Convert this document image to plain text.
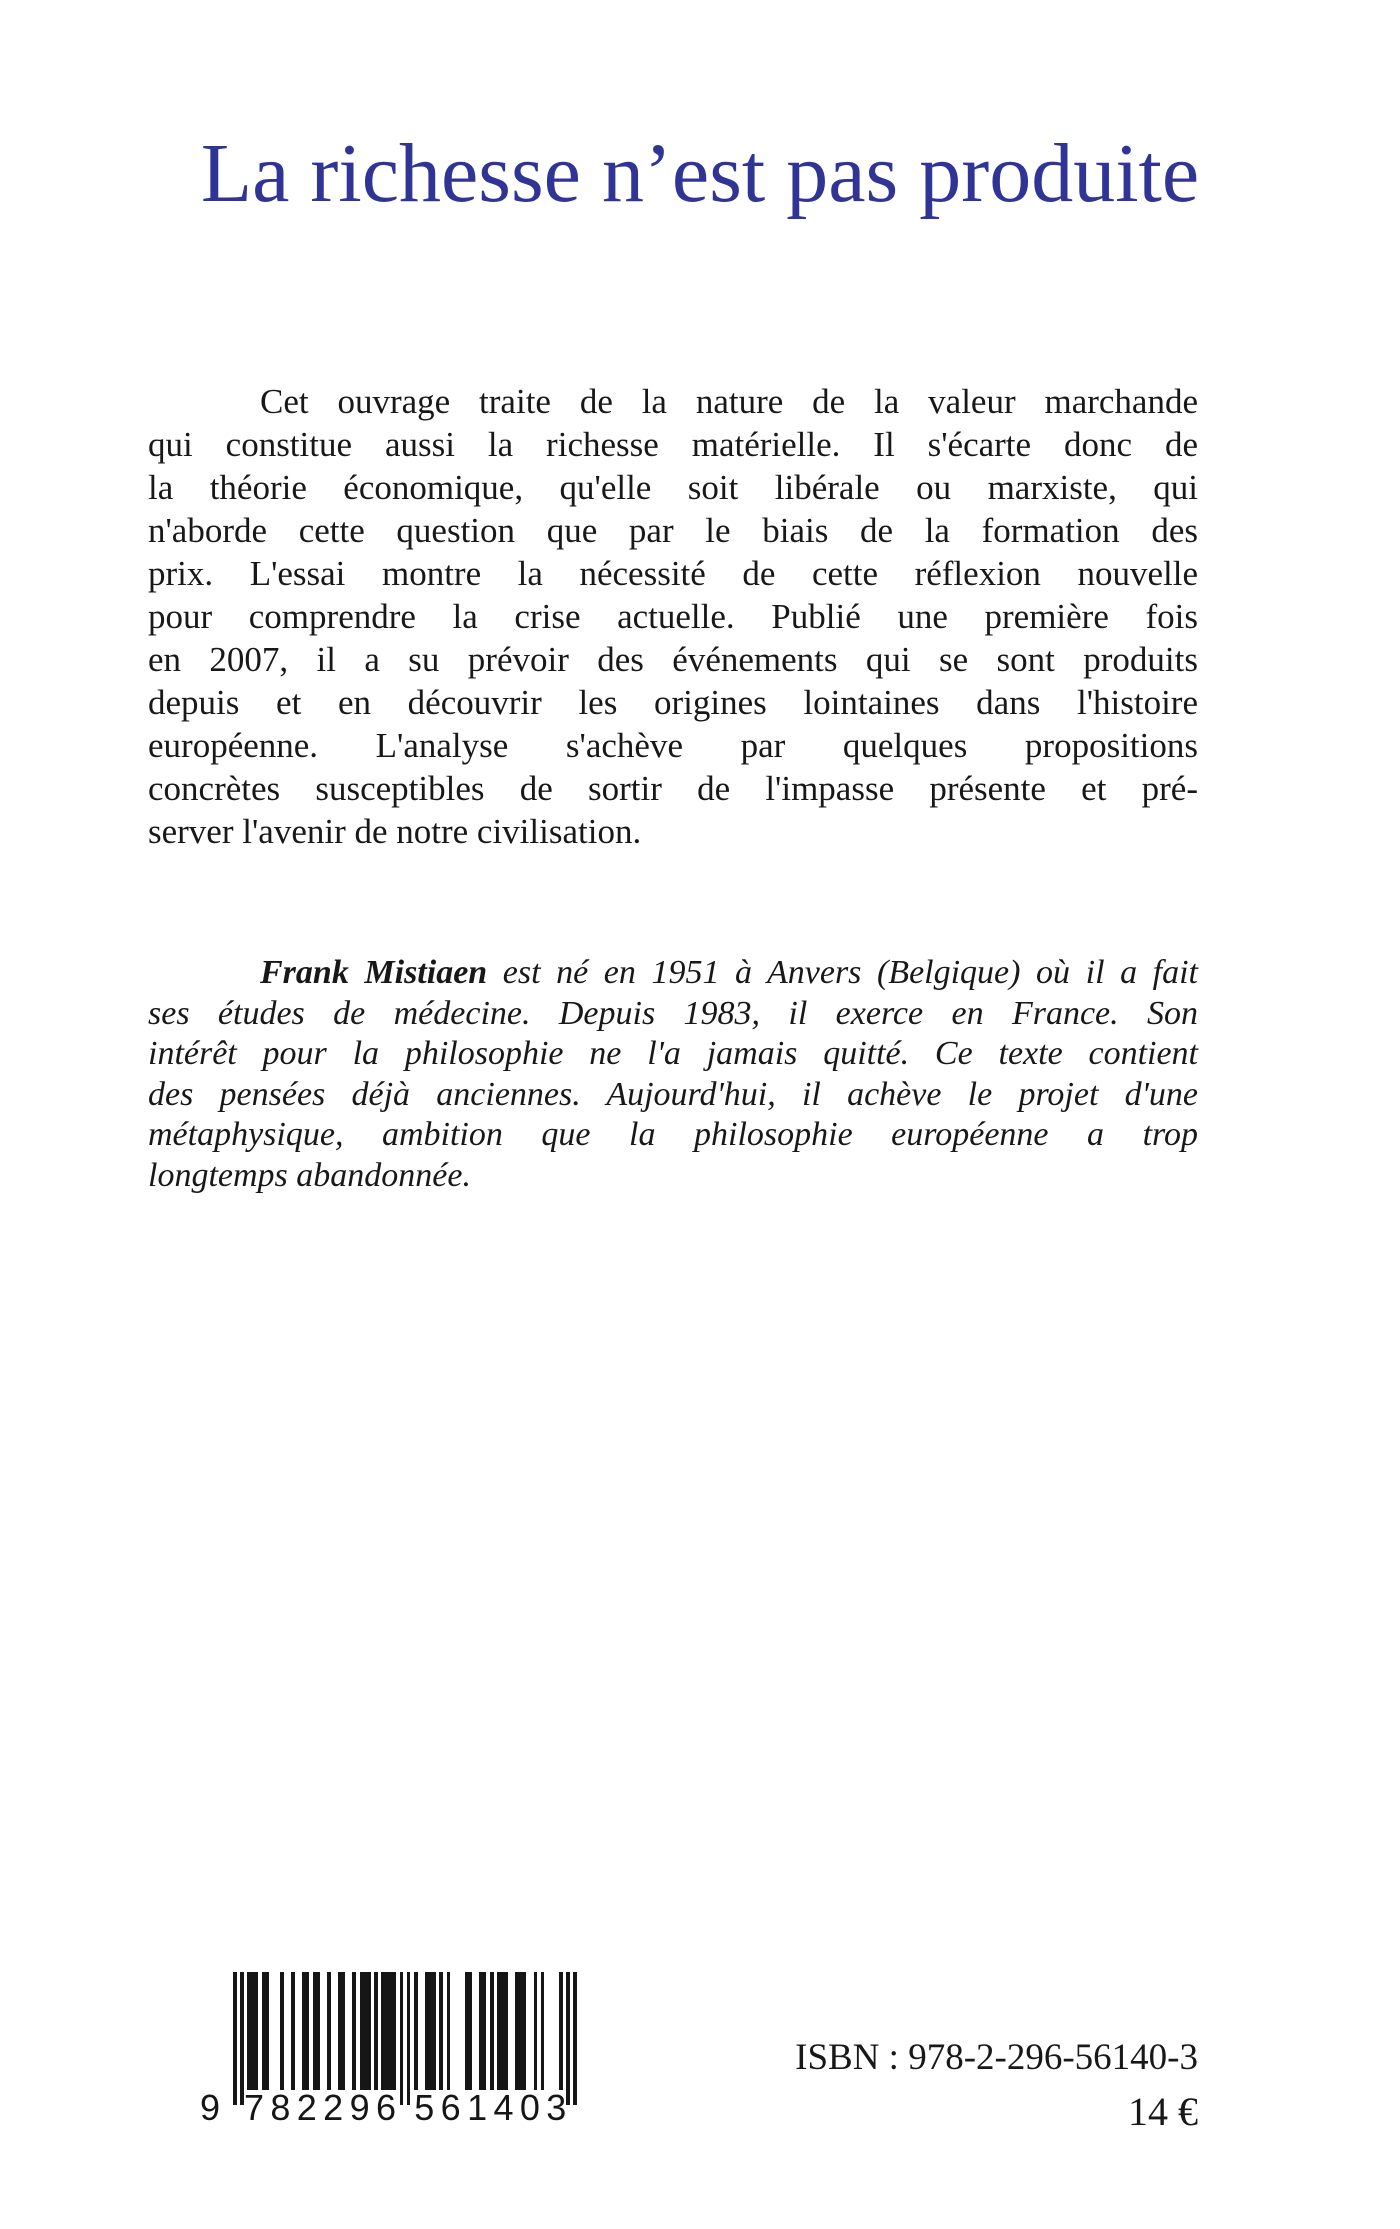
La richesse n’est pas produite
Cet ouvrage traite de la nature de la valeur marchande
qui constitue aussi la richesse matérielle. Il s'écarte donc de
la théorie économique, qu'elle soit libérale ou marxiste, qui
n'aborde cette question que par le biais de la formation des
prix. L'essai montre la nécessité de cette réflexion nouvelle
pour comprendre la crise actuelle. Publié une première fois
en 2007, il a su prévoir des événements qui se sont produits
depuis et en découvrir les origines lointaines dans l'histoire
européenne. L'analyse s'achève par quelques propositions
concrètes susceptibles de sortir de l'impasse présente et pré-
server l'avenir de notre civilisation.
Frank Mistiaen est né en 1951 à Anvers (Belgique) où il a fait
ses études de médecine. Depuis 1983, il exerce en France. Son
intérêt pour la philosophie ne l'a jamais quitté. Ce texte contient
des pensées déjà anciennes. Aujourd'hui, il achève le projet d'une
métaphysique, ambition que la philosophie européenne a trop
longtemps abandonnée.
9 7 8 2 2 9 6 5 6 1 4 0 3
ISBN : 978-2-296-56140-3
14 €
